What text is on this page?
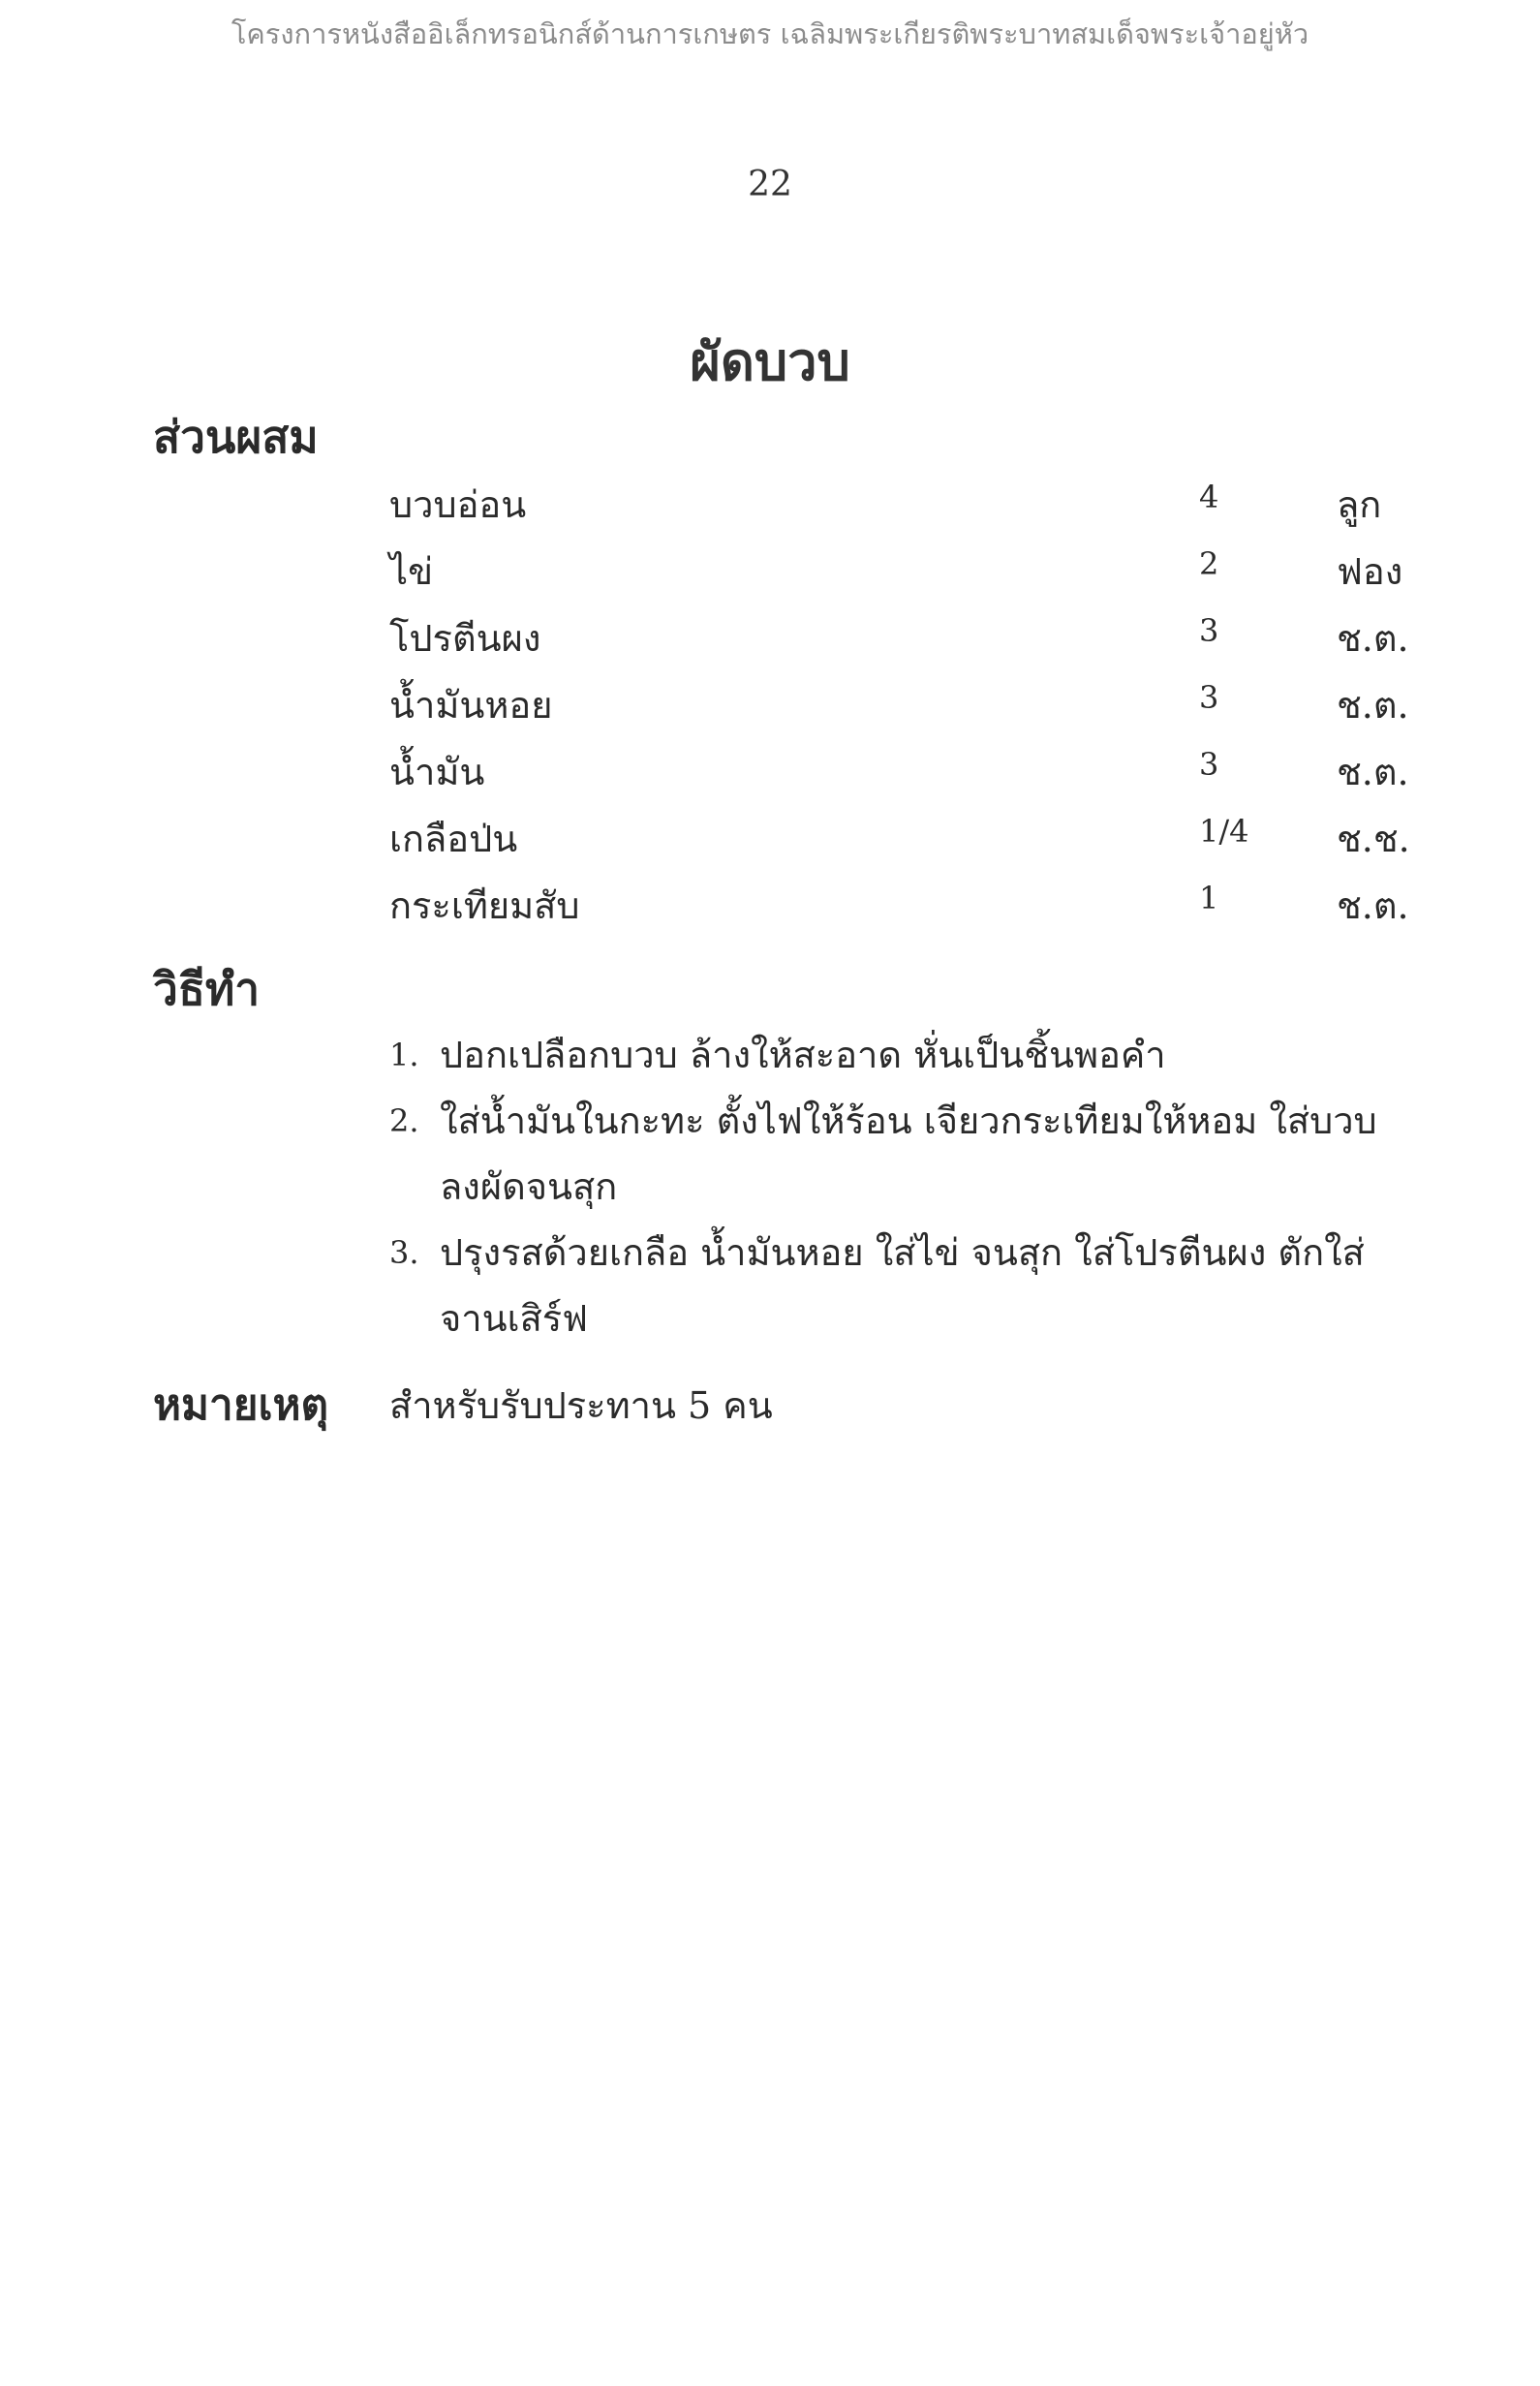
โครงการหนังสืออิเล็กทรอนิกส์ด้านการเกษตร เฉลิมพระเกียรติพระบาทสมเด็จพระเจ้าอยู่หัว
22
ผัดบวบ
ส่วนผสม
บวบอ่อน	4	ลูก
ไข่	2	ฟอง
โปรตีนผง	3	ช.ต.
น้ำมันหอย	3	ช.ต.
น้ำมัน	3	ช.ต.
เกลือป่น	1/4 ช.ช.
กระเทียมสับ	1	ช.ต.
วิธีทำ
1. ปอกเปลือกบวบ ล้างให้สะอาด หั่นเป็นชิ้นพอคำ
2. ใส่น้ำมันในกะทะ ตั้งไฟให้ร้อน เจียวกระเทียมให้หอม ใส่บวบลงผัดจนสุก
3. ปรุงรสด้วยเกลือ น้ำมันหอย ใส่ไข่ จนสุก ใส่โปรตีนผง ตักใส่จานเสิร์ฟ
หมายเหตุ สำหรับรับประทาน 5 คน
